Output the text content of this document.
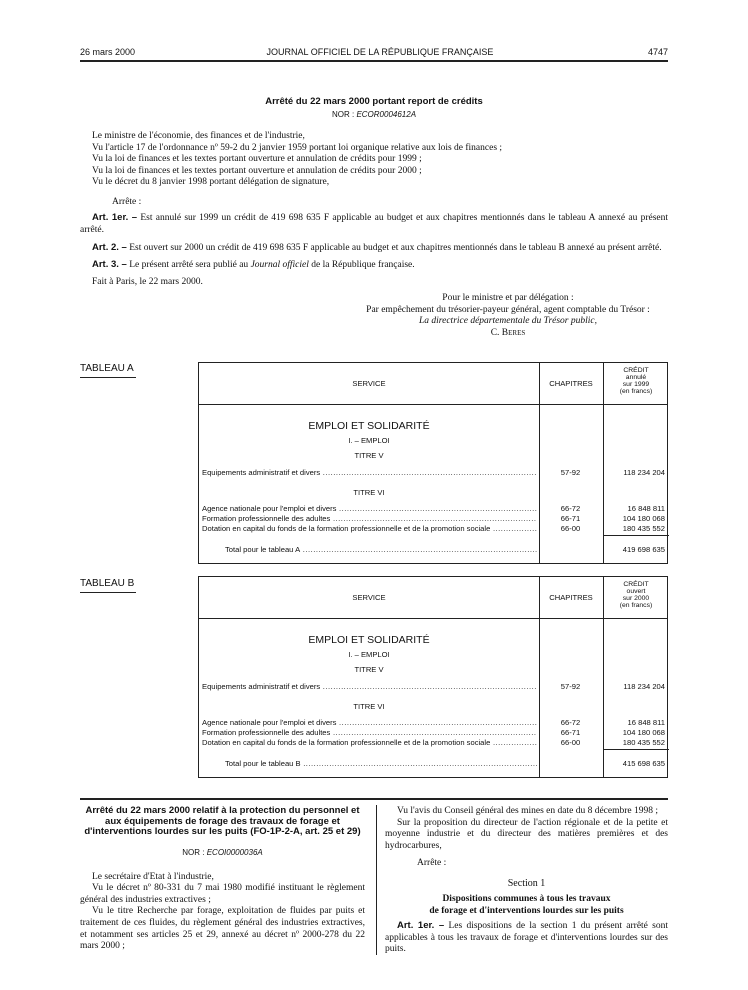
26 mars 2000	JOURNAL OFFICIEL DE LA RÉPUBLIQUE FRANÇAISE	4747
Arrêté du 22 mars 2000 portant report de crédits
NOR : ECOR0004612A
Le ministre de l'économie, des finances et de l'industrie,
Vu l'article 17 de l'ordonnance nº 59-2 du 2 janvier 1959 portant loi organique relative aux lois de finances ;
Vu la loi de finances et les textes portant ouverture et annulation de crédits pour 1999 ;
Vu la loi de finances et les textes portant ouverture et annulation de crédits pour 2000 ;
Vu le décret du 8 janvier 1998 portant délégation de signature,
Arrête :
Art. 1er. – Est annulé sur 1999 un crédit de 419 698 635 F applicable au budget et aux chapitres mentionnés dans le tableau A annexé au présent arrêté.
Art. 2. – Est ouvert sur 2000 un crédit de 419 698 635 F applicable au budget et aux chapitres mentionnés dans le tableau B annexé au présent arrêté.
Art. 3. – Le présent arrêté sera publié au Journal officiel de la République française.
Fait à Paris, le 22 mars 2000.
Pour le ministre et par délégation :
Par empêchement du trésorier-payeur général, agent comptable du Trésor :
La directrice départementale du Trésor public,
C. Beres
TABLEAU A
SERVICE	CHAPITRES
CRÉDIT
annulé
sur 1999
(en francs)
EMPLOI ET SOLIDARITÉ
I. – EMPLOI
TITRE V
Equipements administratif et divers .....	57-92	118 234 204
TITRE VI
Agence nationale pour l'emploi et divers .....	66-72	16 848 811
Formation professionnelle des adultes .....	66-71	104 180 068
Dotation en capital du fonds de la formation professionnelle et de la promotion sociale .....	66-00	180 435 552
Total pour le tableau A .....	419 698 635
TABLEAU B
SERVICE	CHAPITRES
CRÉDIT
ouvert
sur 2000
(en francs)
EMPLOI ET SOLIDARITÉ
I. – EMPLOI
TITRE V
Equipements administratif et divers .....	57-92	118 234 204
TITRE VI
Agence nationale pour l'emploi et divers .....	66-72	16 848 811
Formation professionnelle des adultes .....	66-71	104 180 068
Dotation en capital du fonds de la formation professionnelle et de la promotion sociale .....	66-00	180 435 552
Total pour le tableau B .....	415 698 635
Arrêté du 22 mars 2000 relatif à la protection du personnel et aux équipements de forage des travaux de forage et d'interventions lourdes sur les puits (FO-1P-2-A, art. 25 et 29)
NOR : ECOI0000036A
Le secrétaire d'Etat à l'industrie,
Vu le décret nº 80-331 du 7 mai 1980 modifié instituant le règlement général des industries extractives ;
Vu le titre Recherche par forage, exploitation de fluides par puits et traitement de ces fluides, du règlement général des industries extractives, et notamment ses articles 25 et 29, annexé au décret nº 2000-278 du 22 mars 2000 ;
Vu l'avis du Conseil général des mines en date du 8 décembre 1998 ;
Sur la proposition du directeur de l'action régionale et de la petite et moyenne industrie et du directeur des matières premières et des hydrocarbures,
Arrête :
Section 1
Dispositions communes à tous les travaux
de forage et d'interventions lourdes sur les puits
Art. 1er. – Les dispositions de la section 1 du présent arrêté sont applicables à tous les travaux de forage et d'interventions lourdes sur des puits.
